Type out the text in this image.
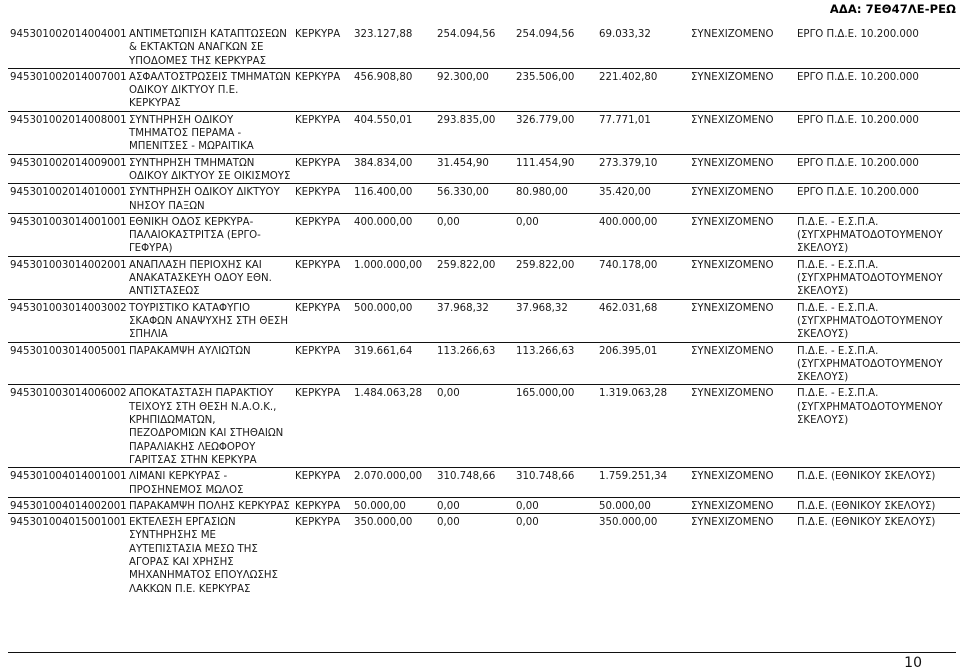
ΑΔΑ: 7ΕΘ47ΛΕ-ΡΕΩ
945301002014004001	ΑΝΤΙΜΕΤΩΠΙΣΗ ΚΑΤΑΠΤΩΣΕΩΝ & ΕΚΤΑΚΤΩΝ ΑΝΑΓΚΩΝ ΣΕ ΥΠΟΔΟΜΕΣ ΤΗΣ ΚΕΡΚΥΡΑΣ	ΚΕΡΚΥΡΑ	323.127,88	254.094,56	254.094,56	69.033,32	ΣΥΝΕΧΙΖΟΜΕΝΟ	ΕΡΓΟ Π.Δ.Ε. 10.200.000
945301002014007001	ΑΣΦΑΛΤΟΣΤΡΩΣΕΙΣ ΤΜΗΜΑΤΩΝ ΟΔΙΚΟΥ ΔΙΚΤΥΟΥ Π.Ε. ΚΕΡΚΥΡΑΣ	ΚΕΡΚΥΡΑ	456.908,80	92.300,00	235.506,00	221.402,80	ΣΥΝΕΧΙΖΟΜΕΝΟ	ΕΡΓΟ Π.Δ.Ε. 10.200.000
945301002014008001	ΣΥΝΤΗΡΗΣΗ ΟΔΙΚΟΥ ΤΜΗΜΑΤΟΣ ΠΕΡΑΜΑ - ΜΠΕΝΙΤΣΕΣ - ΜΩΡΑΙΤΙΚΑ	ΚΕΡΚΥΡΑ	404.550,01	293.835,00	326.779,00	77.771,01	ΣΥΝΕΧΙΖΟΜΕΝΟ	ΕΡΓΟ Π.Δ.Ε. 10.200.000
945301002014009001	ΣΥΝΤΗΡΗΣΗ ΤΜΗΜΑΤΩΝ ΟΔΙΚΟΥ ΔΙΚΤΥΟΥ ΣΕ ΟΙΚΙΣΜΟΥΣ	ΚΕΡΚΥΡΑ	384.834,00	31.454,90	111.454,90	273.379,10	ΣΥΝΕΧΙΖΟΜΕΝΟ	ΕΡΓΟ Π.Δ.Ε. 10.200.000
945301002014010001	ΣΥΝΤΗΡΗΣΗ ΟΔΙΚΟΥ ΔΙΚΤΥΟΥ ΝΗΣΟΥ ΠΑΞΩΝ	ΚΕΡΚΥΡΑ	116.400,00	56.330,00	80.980,00	35.420,00	ΣΥΝΕΧΙΖΟΜΕΝΟ	ΕΡΓΟ Π.Δ.Ε. 10.200.000
945301003014001001	ΕΘΝΙΚΗ ΟΔΟΣ ΚΕΡΚΥΡΑ-ΠΑΛΑΙΟΚΑΣΤΡΙΤΣΑ (ΕΡΓΟ-ΓΕΦΥΡΑ)	ΚΕΡΚΥΡΑ	400.000,00	0,00	0,00	400.000,00	ΣΥΝΕΧΙΖΟΜΕΝΟ	Π.Δ.Ε. - Ε.Σ.Π.Α. (ΣΥΓΧΡΗΜΑΤΟΔΟΤΟΥΜΕΝΟΥ ΣΚΕΛΟΥΣ)
945301003014002001	ΑΝΑΠΛΑΣΗ ΠΕΡΙΟΧΗΣ ΚΑΙ ΑΝΑΚΑΤΑΣΚΕΥΗ ΟΔΟΥ ΕΘΝ. ΑΝΤΙΣΤΑΣΕΩΣ	ΚΕΡΚΥΡΑ	1.000.000,00	259.822,00	259.822,00	740.178,00	ΣΥΝΕΧΙΖΟΜΕΝΟ	Π.Δ.Ε. - Ε.Σ.Π.Α. (ΣΥΓΧΡΗΜΑΤΟΔΟΤΟΥΜΕΝΟΥ ΣΚΕΛΟΥΣ)
945301003014003002	ΤΟΥΡΙΣΤΙΚΟ ΚΑΤΑΦΥΓΙΟ ΣΚΑΦΩΝ ΑΝΑΨΥΧΗΣ ΣΤΗ ΘΕΣΗ ΣΠΗΛΙΑ	ΚΕΡΚΥΡΑ	500.000,00	37.968,32	37.968,32	462.031,68	ΣΥΝΕΧΙΖΟΜΕΝΟ	Π.Δ.Ε. - Ε.Σ.Π.Α. (ΣΥΓΧΡΗΜΑΤΟΔΟΤΟΥΜΕΝΟΥ ΣΚΕΛΟΥΣ)
945301003014005001	ΠΑΡΑΚΑΜΨΗ ΑΥΛΙΩΤΩΝ	ΚΕΡΚΥΡΑ	319.661,64	113.266,63	113.266,63	206.395,01	ΣΥΝΕΧΙΖΟΜΕΝΟ	Π.Δ.Ε. - Ε.Σ.Π.Α. (ΣΥΓΧΡΗΜΑΤΟΔΟΤΟΥΜΕΝΟΥ ΣΚΕΛΟΥΣ)
945301003014006002	ΑΠΟΚΑΤΑΣΤΑΣΗ ΠΑΡΑΚΤΙΟΥ ΤΕΙΧΟΥΣ ΣΤΗ ΘΕΣΗ Ν.Α.Ο.Κ., ΚΡΗΠΙΔΩΜΑΤΩΝ, ΠΕΖΟΔΡΟΜΙΩΝ ΚΑΙ ΣΤΗΘΑΙΩΝ ΠΑΡΑΛΙΑΚΗΣ ΛΕΩΦΟΡΟΥ ΓΑΡΙΤΣΑΣ ΣΤΗΝ ΚΕΡΚΥΡΑ	ΚΕΡΚΥΡΑ	1.484.063,28	0,00	165.000,00	1.319.063,28	ΣΥΝΕΧΙΖΟΜΕΝΟ	Π.Δ.Ε. - Ε.Σ.Π.Α. (ΣΥΓΧΡΗΜΑΤΟΔΟΤΟΥΜΕΝΟΥ ΣΚΕΛΟΥΣ)
945301004014001001	ΛΙΜΑΝΙ ΚΕΡΚΥΡΑΣ - ΠΡΟΣΗΝΕΜΟΣ ΜΩΛΟΣ	ΚΕΡΚΥΡΑ	2.070.000,00	310.748,66	310.748,66	1.759.251,34	ΣΥΝΕΧΙΖΟΜΕΝΟ	Π.Δ.Ε. (ΕΘΝΙΚΟΥ ΣΚΕΛΟΥΣ)
945301004014002001	ΠΑΡΑΚΑΜΨΗ ΠΟΛΗΣ ΚΕΡΚΥΡΑΣ	ΚΕΡΚΥΡΑ	50.000,00	0,00	0,00	50.000,00	ΣΥΝΕΧΙΖΟΜΕΝΟ	Π.Δ.Ε. (ΕΘΝΙΚΟΥ ΣΚΕΛΟΥΣ)
945301004015001001	ΕΚΤΕΛΕΣΗ ΕΡΓΑΣΙΩΝ ΣΥΝΤΗΡΗΣΗΣ ΜΕ ΑΥΤΕΠΙΣΤΑΣΙΑ ΜΕΣΩ ΤΗΣ ΑΓΟΡΑΣ ΚΑΙ ΧΡΗΣΗΣ ΜΗΧΑΝΗΜΑΤΟΣ ΕΠΟΥΛΩΣΗΣ ΛΑΚΚΩΝ Π.Ε. ΚΕΡΚΥΡΑΣ	ΚΕΡΚΥΡΑ	350.000,00	0,00	0,00	350.000,00	ΣΥΝΕΧΙΖΟΜΕΝΟ	Π.Δ.Ε. (ΕΘΝΙΚΟΥ ΣΚΕΛΟΥΣ)
10
